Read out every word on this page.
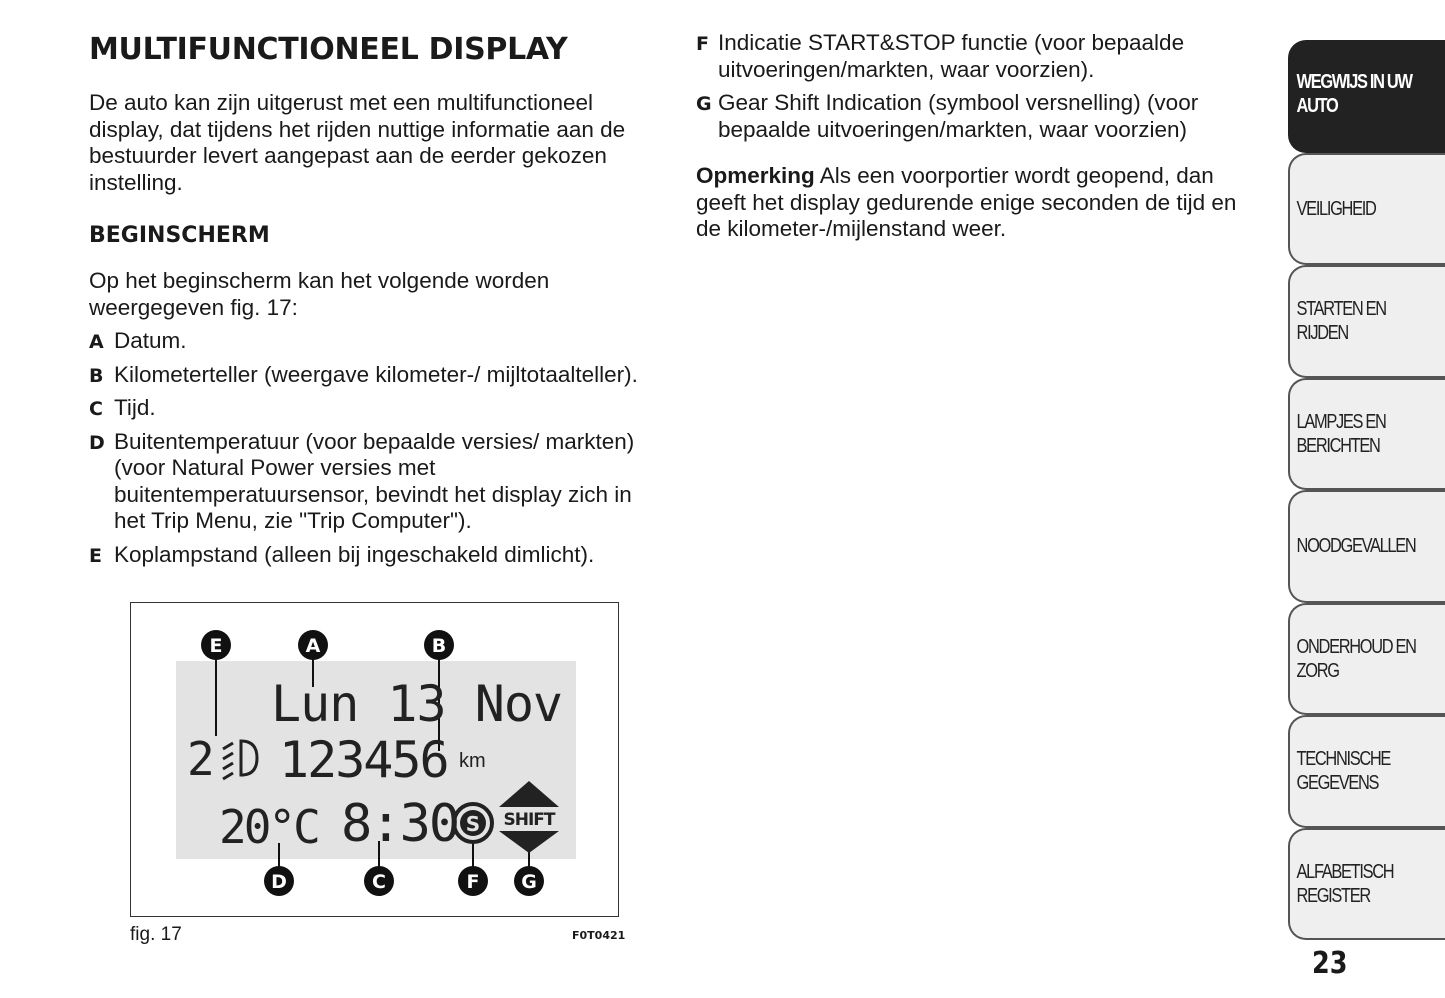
MULTIFUNCTIONEEL DISPLAY

De auto kan zijn uitgerust met een multifunctioneel display, dat tijdens het rijden nuttige informatie aan de bestuurder levert aangepast aan de eerder gekozen instelling.

BEGINSCHERM

Op het beginscherm kan het volgende worden weergegeven fig. 17:

A Datum.
B Kilometerteller (weergave kilometer-/ mijltotaalteller).
C Tijd.
D Buitentemperatuur (voor bepaalde versies/ markten) (voor Natural Power versies met buitentemperatuursensor, bevindt het display zich in het Trip Menu, zie "Trip Computer").
E Koplampstand (alleen bij ingeschakeld dimlicht).
F Indicatie START&STOP functie (voor bepaalde uitvoeringen/markten, waar voorzien).
G Gear Shift Indication (symbool versnelling) (voor bepaalde uitvoeringen/markten, waar voorzien)
Opmerking Als een voorportier wordt geopend, dan geeft het display gedurende enige seconden de tijd en de kilometer-/mijlenstand weer.
Lun 13 Nov
2 123456 km
20°C 8:30 S SHIFT
E	A	B
D	C	F G
fig. 17	F0T0421
WEGWIJS IN UW AUTO
VEILIGHEID
STARTEN EN RIJDEN
LAMPJES EN BERICHTEN
NOODGEVALLEN
ONDERHOUD EN ZORG
TECHNISCHE GEGEVENS
ALFABETISCH REGISTER
23
